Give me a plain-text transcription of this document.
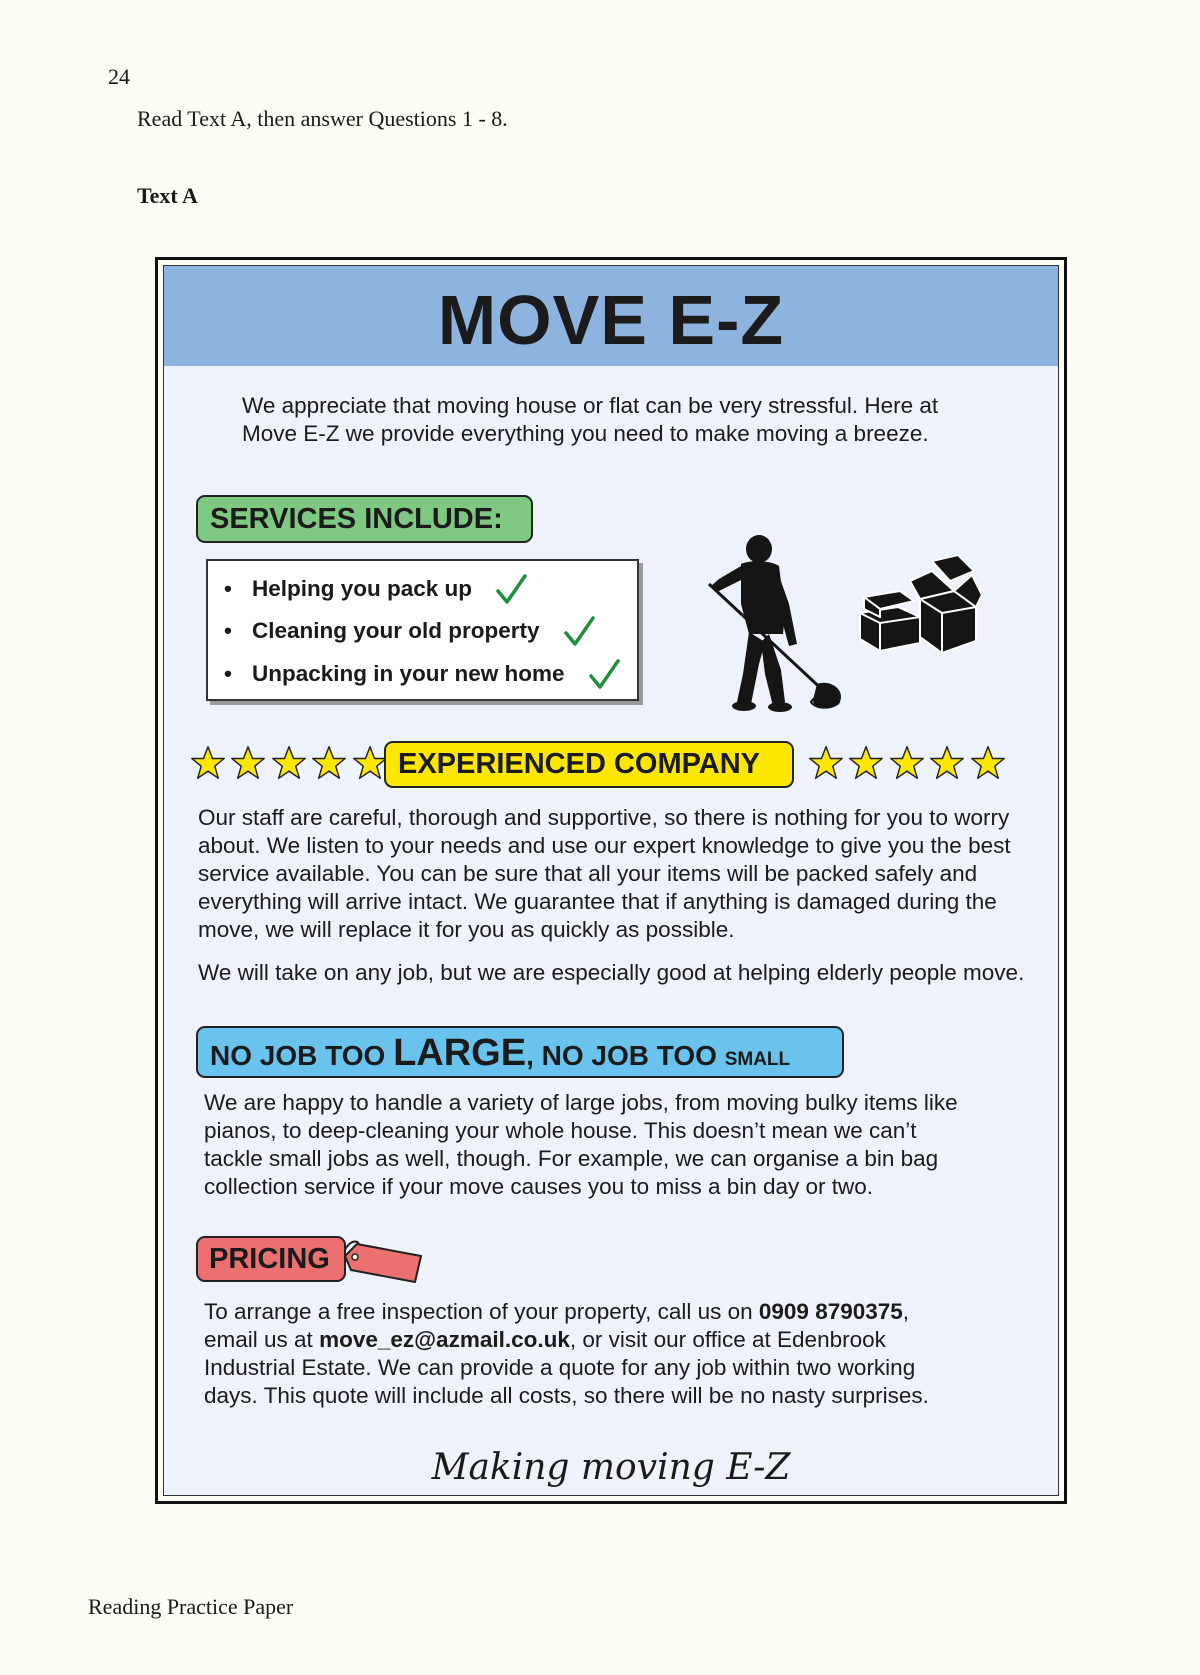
24
Read Text A, then answer Questions 1 - 8.
Text A
MOVE E-Z
We appreciate that moving house or flat can be very stressful. Here at
Move E-Z we provide everything you need to make moving a breeze.
SERVICES INCLUDE:
• Helping you pack up
• Cleaning your old property
• Unpacking in your new home

EXPERIENCED COMPANY

Our staff are careful, thorough and supportive, so there is nothing for you to worry
about. We listen to your needs and use our expert knowledge to give you the best
service available. You can be sure that all your items will be packed safely and
everything will arrive intact. We guarantee that if anything is damaged during the
move, we will replace it for you as quickly as possible.
We will take on any job, but we are especially good at helping elderly people move.
NO JOB TOO LARGE, NO JOB TOO SMALL
We are happy to handle a variety of large jobs, from moving bulky items like
pianos, to deep-cleaning your whole house. This doesn’t mean we can’t
tackle small jobs as well, though. For example, we can organise a bin bag
collection service if your move causes you to miss a bin day or two.
PRICING
To arrange a free inspection of your property, call us on 0909 8790375,
email us at move_ez@azmail.co.uk, or visit our office at Edenbrook
Industrial Estate. We can provide a quote for any job within two working
days. This quote will include all costs, so there will be no nasty surprises.
Making moving E-Z
Reading Practice Paper
